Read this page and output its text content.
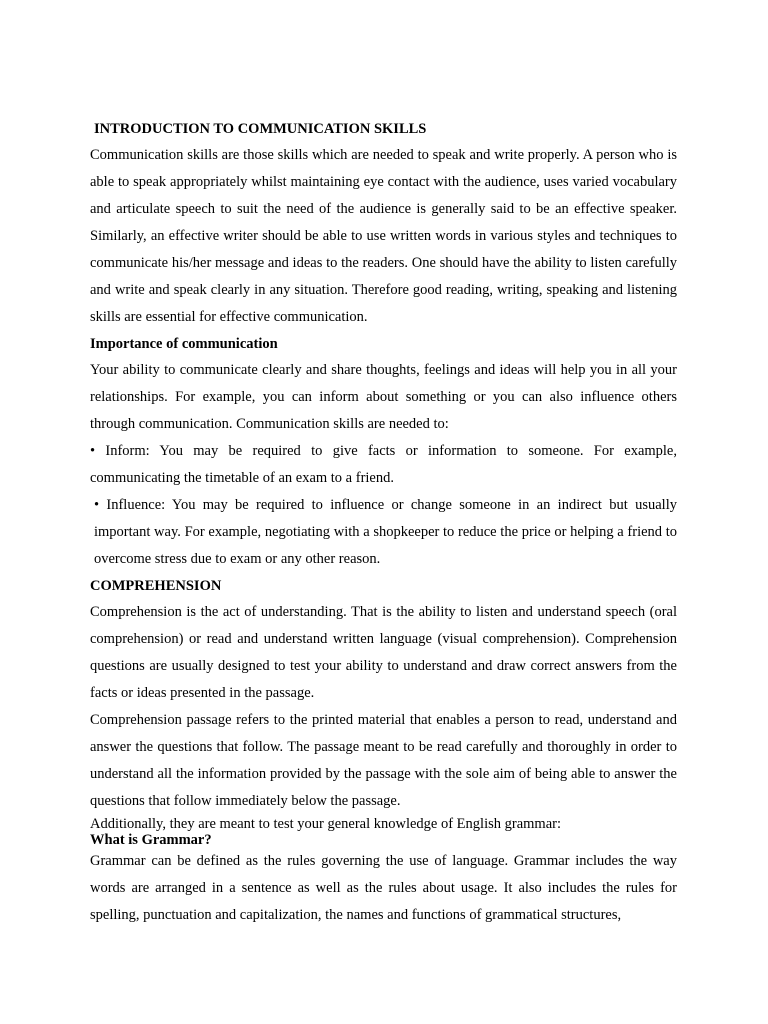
INTRODUCTION TO COMMUNICATION SKILLS

Communication skills are those skills which are needed to speak and write properly. A person who is able to speak appropriately whilst maintaining eye contact with the audience, uses varied vocabulary and articulate speech to suit the need of the audience is generally said to be an effective speaker. Similarly, an effective writer should be able to use written words in various styles and techniques to communicate his/her message and ideas to the readers. One should have the ability to listen carefully and write and speak clearly in any situation. Therefore good reading, writing, speaking and listening skills are essential for effective communication.

Importance of communication

Your ability to communicate clearly and share thoughts, feelings and ideas will help you in all your relationships. For example, you can inform about something or you can also influence others through communication. Communication skills are needed to:

• Inform: You may be required to give facts or information to someone. For example, communicating the timetable of an exam to a friend.

• Influence: You may be required to influence or change someone in an indirect but usually important way. For example, negotiating with a shopkeeper to reduce the price or helping a friend to overcome stress due to exam or any other reason.

COMPREHENSION

Comprehension is the act of understanding. That is the ability to listen and understand speech (oral comprehension) or read and understand written language (visual comprehension). Comprehension questions are usually designed to test your ability to understand and draw correct answers from the facts or ideas presented in the passage.

Comprehension passage refers to the printed material that enables a person to read, understand and answer the questions that follow. The passage meant to be read carefully and thoroughly in order to understand all the information provided by the passage with the sole aim of being able to answer the questions that follow immediately below the passage.

Additionally, they are meant to test your general knowledge of English grammar:

What is Grammar?

Grammar can be defined as the rules governing the use of language. Grammar includes the way words are arranged in a sentence as well as the rules about usage. It also includes the rules for spelling, punctuation and capitalization, the names and functions of grammatical structures,
